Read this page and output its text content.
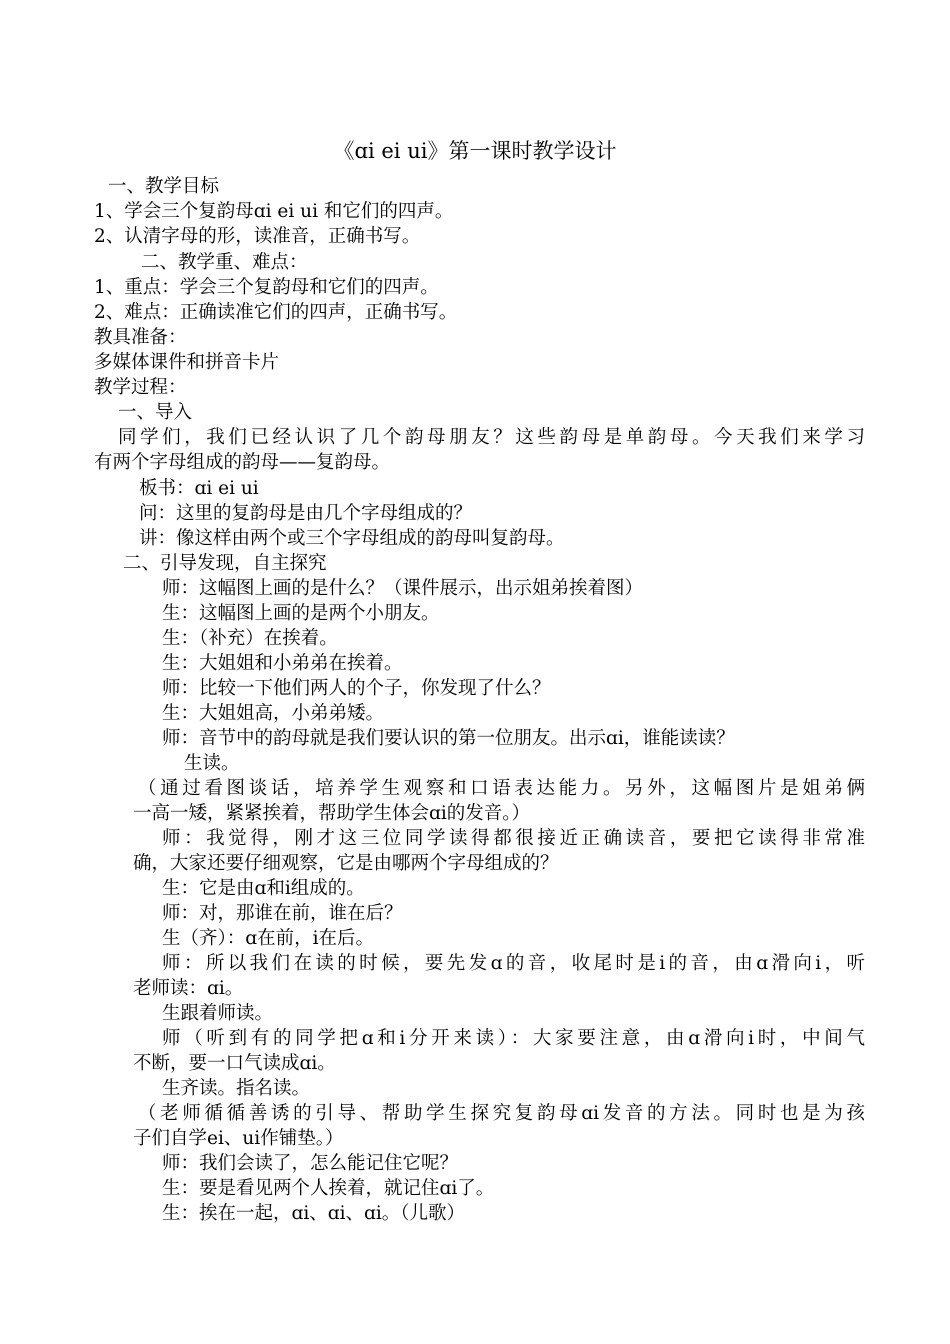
《ɑi ei ui》第一课时教学设计
一、教学目标
1、学会三个复韵母ɑi ei ui 和它们的四声。
2、认清字母的形，读准音，正确书写。
二、教学重、难点：
1、重点：学会三个复韵母和它们的四声。
2、难点：正确读准它们的四声，正确书写。
教具准备：
多媒体课件和拼音卡片
教学过程：
一、导入
同学们，我们已经认识了几个韵母朋友？这些韵母是单韵母。今天我们来学习
有两个字母组成的韵母——复韵母。
板书：ɑi ei ui
问：这里的复韵母是由几个字母组成的？
讲：像这样由两个或三个字母组成的韵母叫复韵母。
二、引导发现，自主探究
师：这幅图上画的是什么？（课件展示，出示姐弟挨着图）
生：这幅图上画的是两个小朋友。
生：（补充）在挨着。
生：大姐姐和小弟弟在挨着。
师：比较一下他们两人的个子，你发现了什么？
生：大姐姐高，小弟弟矮。
师：音节中的韵母就是我们要认识的第一位朋友。出示ɑi，谁能读读？
生读。
（通过看图谈话，培养学生观察和口语表达能力。另外，这幅图片是姐弟俩
一高一矮，紧紧挨着，帮助学生体会ɑi的发音。）
师：我觉得，刚才这三位同学读得都很接近正确读音，要把它读得非常准
确，大家还要仔细观察，它是由哪两个字母组成的？
生：它是由ɑ和i组成的。
师：对，那谁在前，谁在后？
生（齐）：ɑ在前，i在后。
师：所以我们在读的时候，要先发ɑ的音，收尾时是i的音，由ɑ滑向i，听
老师读：ɑi。
生跟着师读。
师（听到有的同学把ɑ和i分开来读）：大家要注意，由ɑ滑向i时，中间气
不断，要一口气读成ɑi。
生齐读。指名读。
（老师循循善诱的引导、帮助学生探究复韵母ɑi发音的方法。同时也是为孩
子们自学ei、ui作铺垫。）
师：我们会读了，怎么能记住它呢？
生：要是看见两个人挨着，就记住ɑi了。
生：挨在一起，ɑi、ɑi、ɑi。（儿歌）
